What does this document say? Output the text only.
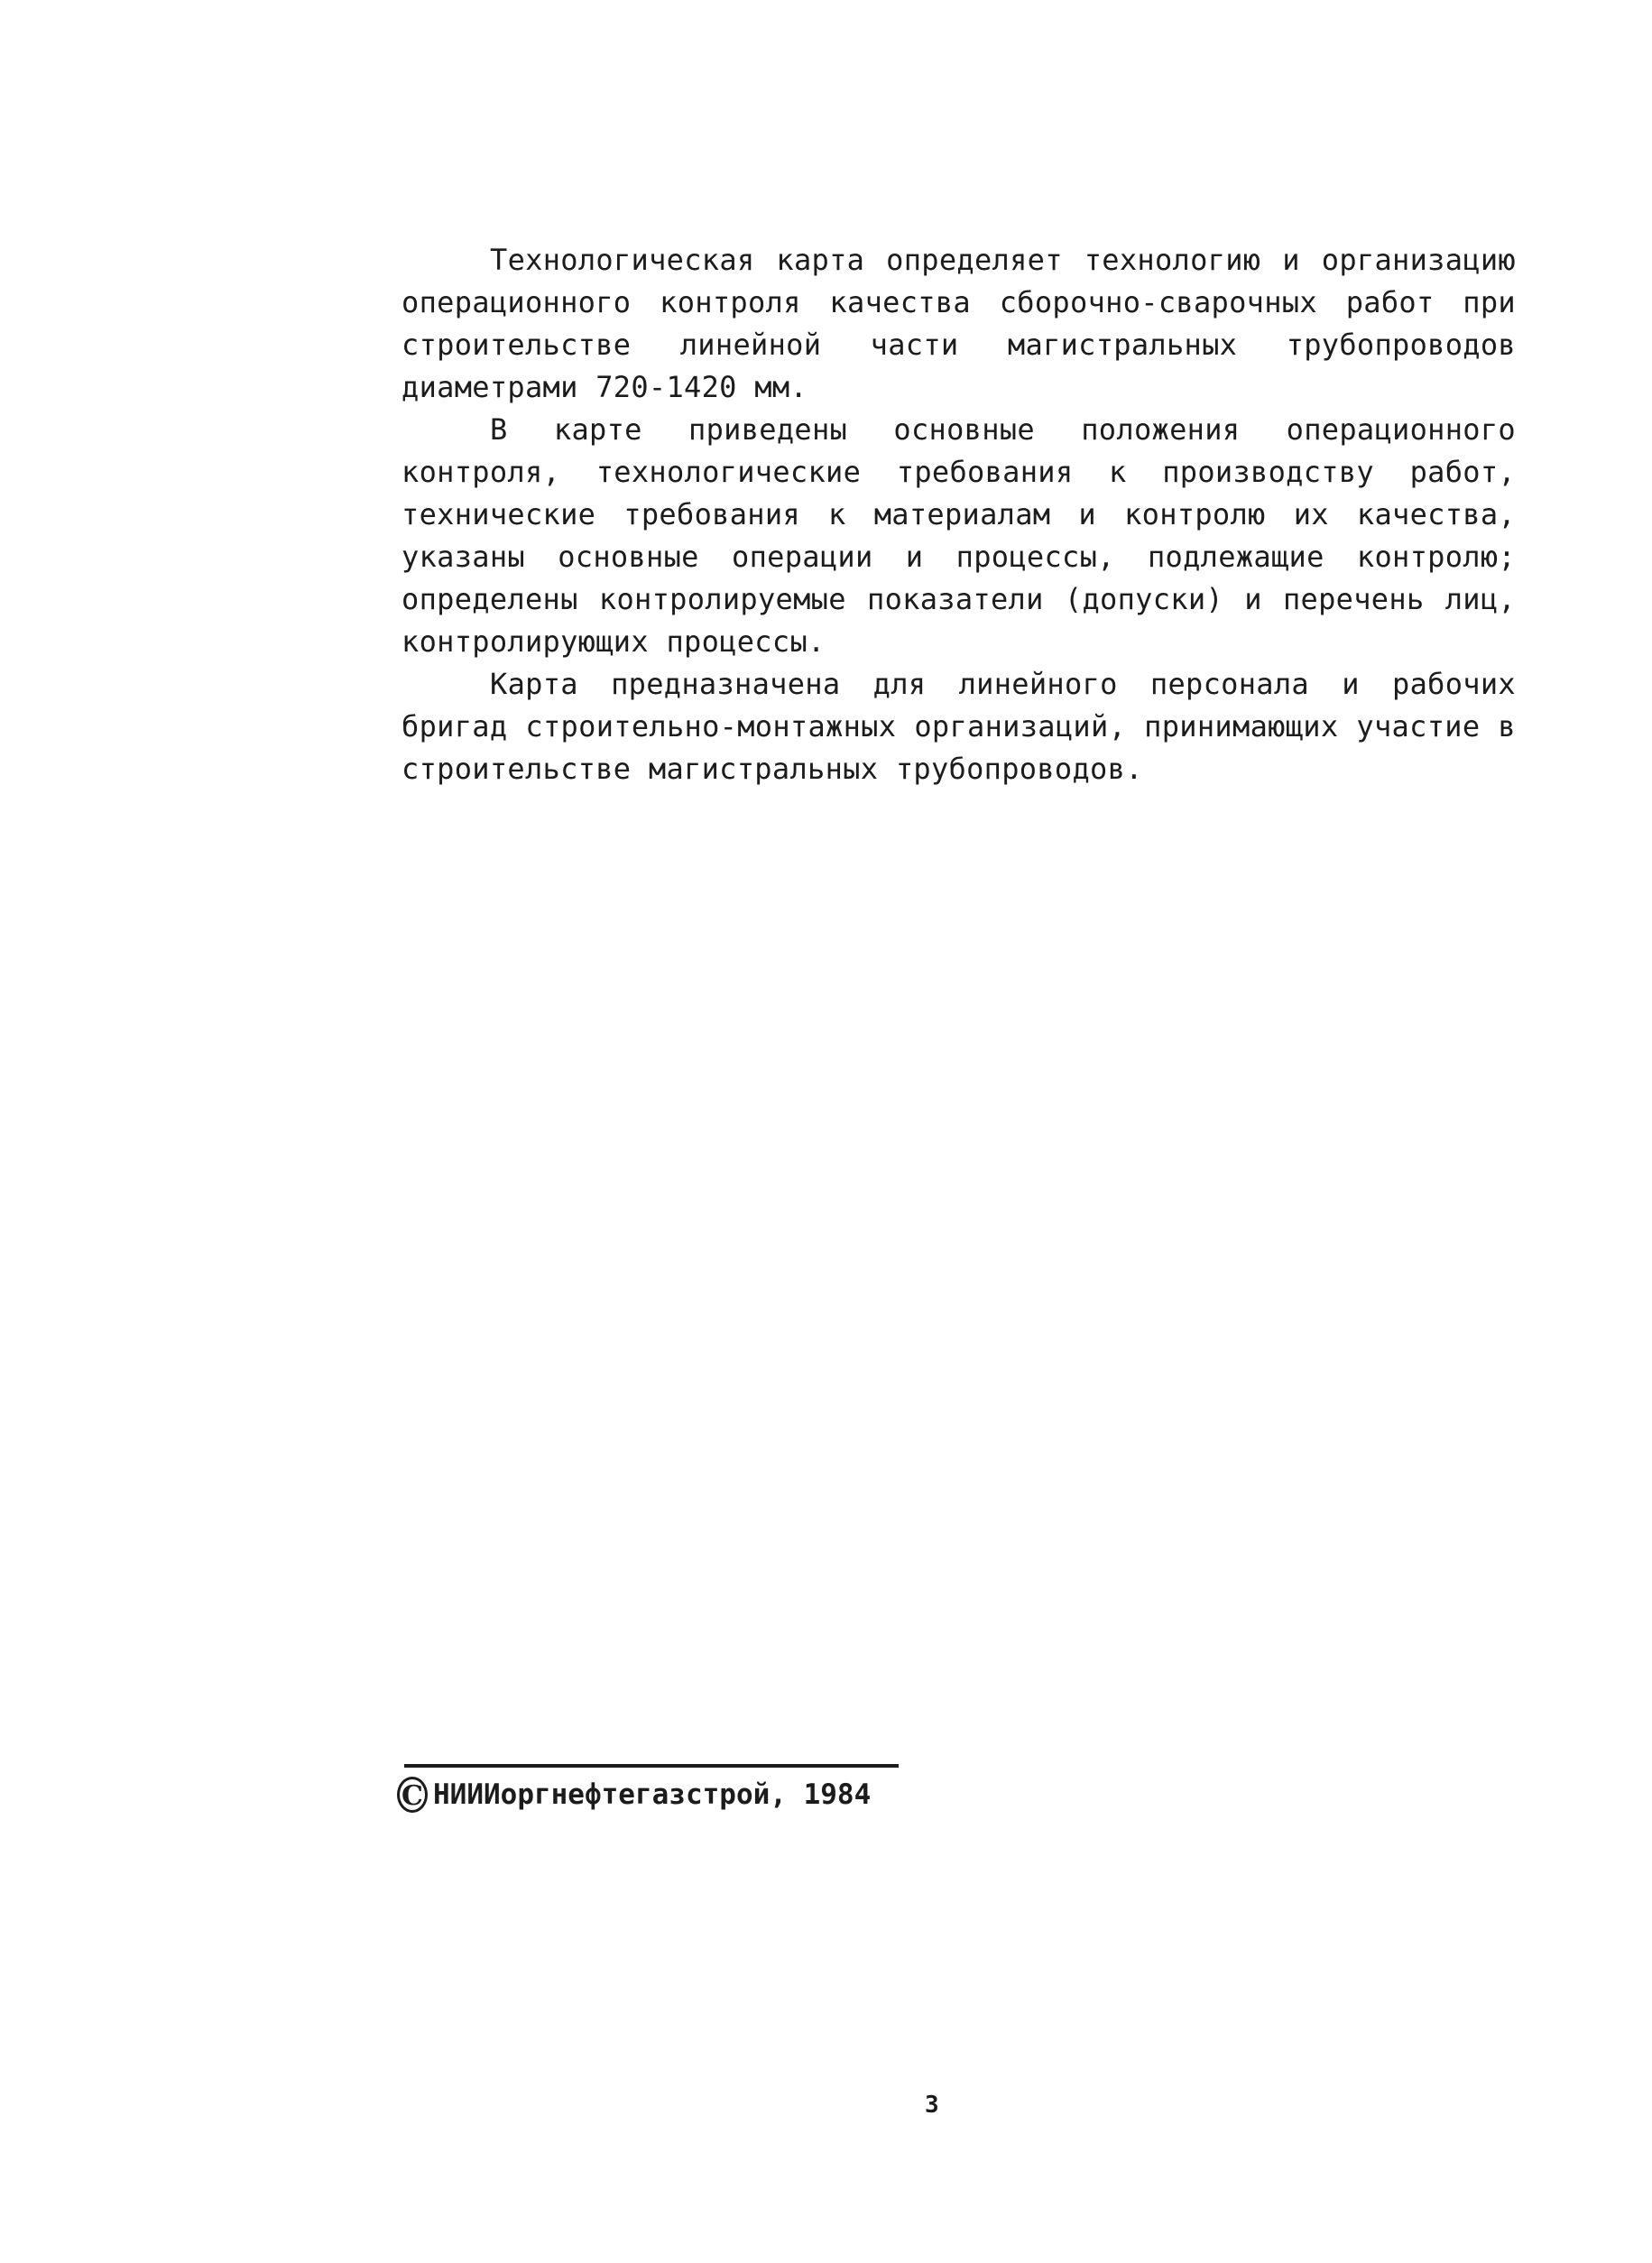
Технологическая карта определяет технологию и организацию операционного контроля качества сборочно-сварочных работ при строительстве линейной части магистральных трубопроводов диаметрами 720-1420 мм.

В карте приведены основные положения операционного контроля, технологические требования к производству работ, технические требования к материалам и контролю их качества, указаны основные операции и процессы, подлежащие контролю; определены контролируемые показатели (допуски) и перечень лиц, контролирующих процессы.

Карта предназначена для линейного персонала и рабочих бригад строительно-монтажных организаций, принимающих участие в строительстве магистральных трубопроводов.

С НИИИоргнефтегазстрой, 1984
3
